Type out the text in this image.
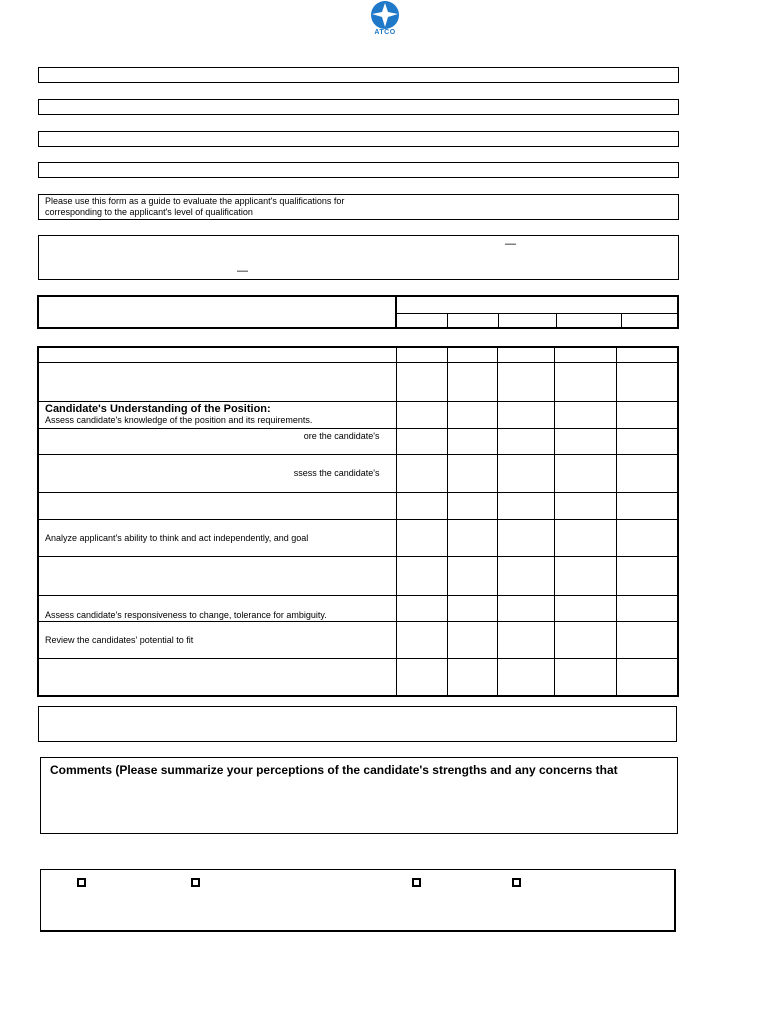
ATCO
Please use this form as a guide to evaluate the applicant's qualifications for
corresponding to the applicant's level of qualification
—
—

Candidate's Understanding of the Position:
Assess candidate's knowledge of the position and its requirements.					

ore the candidate's					
ssess the candidate's					

Analyze applicant's ability to think and act independently, and goal					

Assess candidate's responsiveness to change, tolerance for ambiguity.					
Review the candidates' potential to fit					

Comments (Please summarize your perceptions of the candidate's strengths and any concerns that
